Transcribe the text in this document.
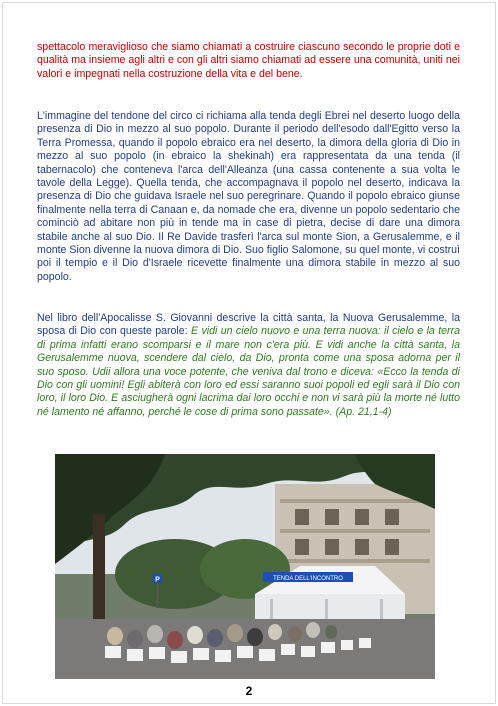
spettacolo meraviglioso che siamo chiamati a costruire ciascuno secondo le proprie doti e qualità ma insieme agli altri e con gli altri siamo chiamati ad essere una comunità, uniti nei valori e impegnati nella costruzione della vita e del bene.

L'immagine del tendone del circo ci richiama alla tenda degli Ebrei nel deserto luogo della presenza di Dio in mezzo al suo popolo. Durante il periodo dell'esodo dall'Egitto verso la Terra Promessa, quando il popolo ebraico era nel deserto, la dimora della gloria di Dio in mezzo al suo popolo (in ebraico la shekinah) era rappresentata da una tenda (il tabernacolo) che conteneva l'arca dell'Alleanza (una cassa contenente a sua volta le tavole della Legge). Quella tenda, che accompagnava il popolo nel deserto, indicava la presenza di Dio che guidava Israele nel suo peregrinare. Quando il popolo ebraico giunse finalmente nella terra di Canaan e, da nomade che era, divenne un popolo sedentario che cominciò ad abitare non più in tende ma in case di pietra, decise di dare una dimora stabile anche al suo Dio. Il Re Davide trasferì l'arca sul monte Sion, a Gerusalemme, e il monte Sion divenne la nuova dimora di Dio. Suo figlio Salomone, su quel monte, vi costruì poi il tempio e il Dio d'Israele ricevette finalmente una dimora stabile in mezzo al suo popolo.

Nel libro dell'Apocalisse S. Giovanni descrive la città santa, la Nuova Gerusalemme, la sposa di Dio con queste parole: E vidi un cielo nuovo e una terra nuova: il cielo e la terra di prima infatti erano scomparsi e il mare non c'era più. E vidi anche la città santa, la Gerusalemme nuova, scendere dal cielo, da Dio, pronta come una sposa adorna per il suo sposo. Udii allora una voce potente, che veniva dal trono e diceva: «Ecco la tenda di Dio con gli uomini! Egli abiterà con loro ed essi saranno suoi popoli ed egli sarà il Dio con loro, il loro Dio. E asciugherà ogni lacrima dai loro occhi e non vi sarà più la morte né lutto né lamento né affanno, perché le cose di prima sono passate». (Ap. 21,1-4)

TENDA DELL'INCONTRO
P
2
